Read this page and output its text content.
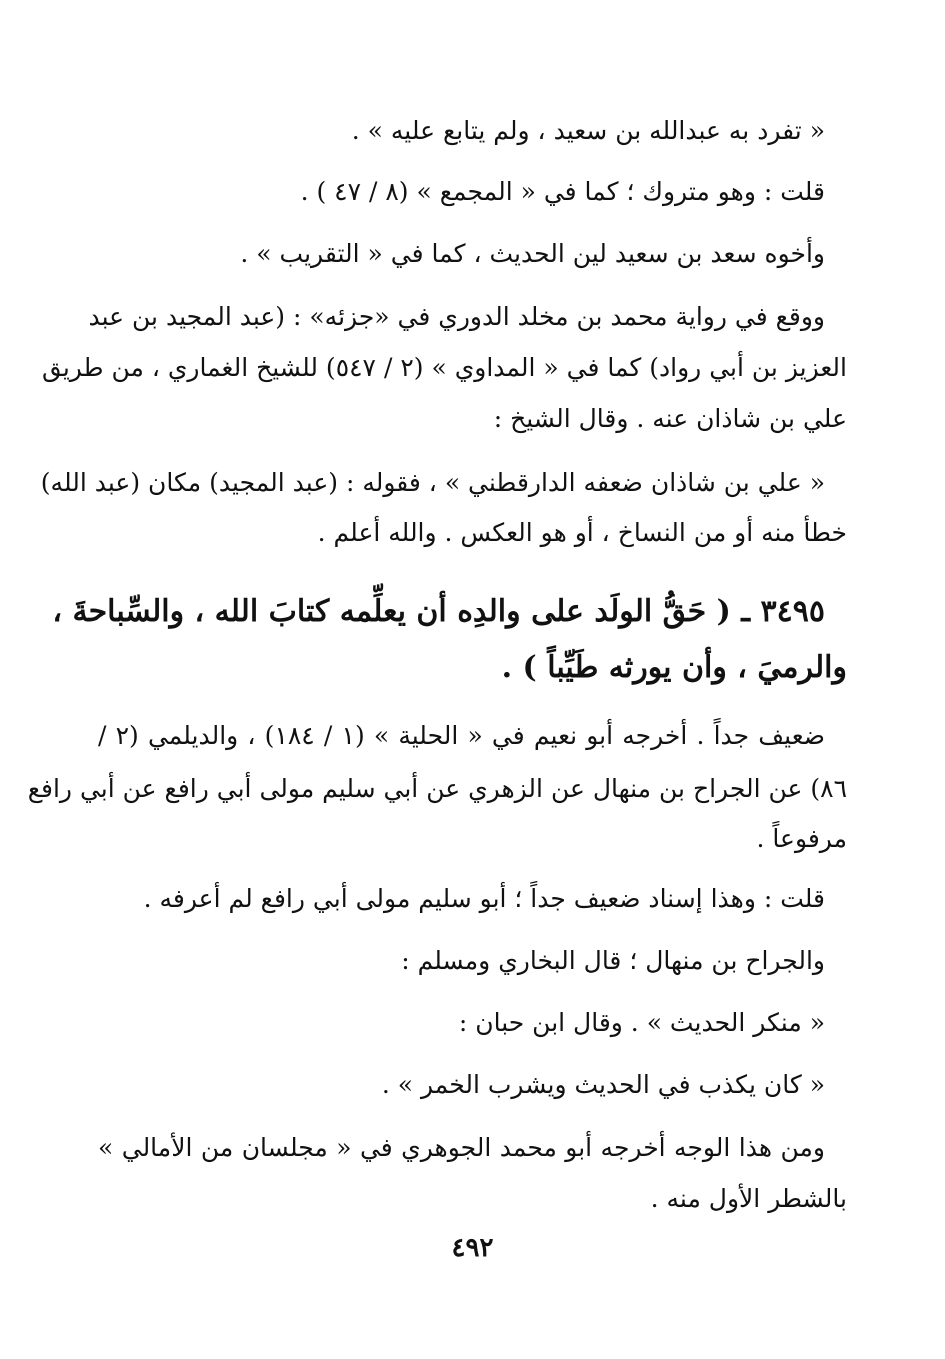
« تفرد به عبدالله بن سعيد ، ولم يتابع عليه » .
قلت : وهو متروك ؛ كما في « المجمع » (٨ / ٤٧ ) .
وأخوه سعد بن سعيد لين الحديث ، كما في « التقريب » .
ووقع في رواية محمد بن مخلد الدوري في «جزئه» : (عبد المجيد بن عبد
العزيز بن أبي رواد) كما في « المداوي » (٢ / ٥٤٧) للشيخ الغماري ، من طريق
علي بن شاذان عنه . وقال الشيخ :
« علي بن شاذان ضعفه الدارقطني » ، فقوله : (عبد المجيد) مكان (عبد الله)
خطأ منه أو من النساخ ، أو هو العكس . والله أعلم .
٣٤٩٥ ـ ( حَقُّ الولَد على والدِه أن يعلِّمه كتابَ الله ، والسِّباحةَ ،
والرميَ ، وأن يورثه طَيِّباً ) .
ضعيف جداً . أخرجه أبو نعيم في « الحلية » (١ / ١٨٤) ، والديلمي (٢ /
٨٦) عن الجراح بن منهال عن الزهري عن أبي سليم مولى أبي رافع عن أبي رافع
مرفوعاً .
قلت : وهذا إسناد ضعيف جداً ؛ أبو سليم مولى أبي رافع لم أعرفه .
والجراح بن منهال ؛ قال البخاري ومسلم :
« منكر الحديث » . وقال ابن حبان :
« كان يكذب في الحديث ويشرب الخمر » .
ومن هذا الوجه أخرجه أبو محمد الجوهري في « مجلسان من الأمالي »
بالشطر الأول منه .
٤٩٢
